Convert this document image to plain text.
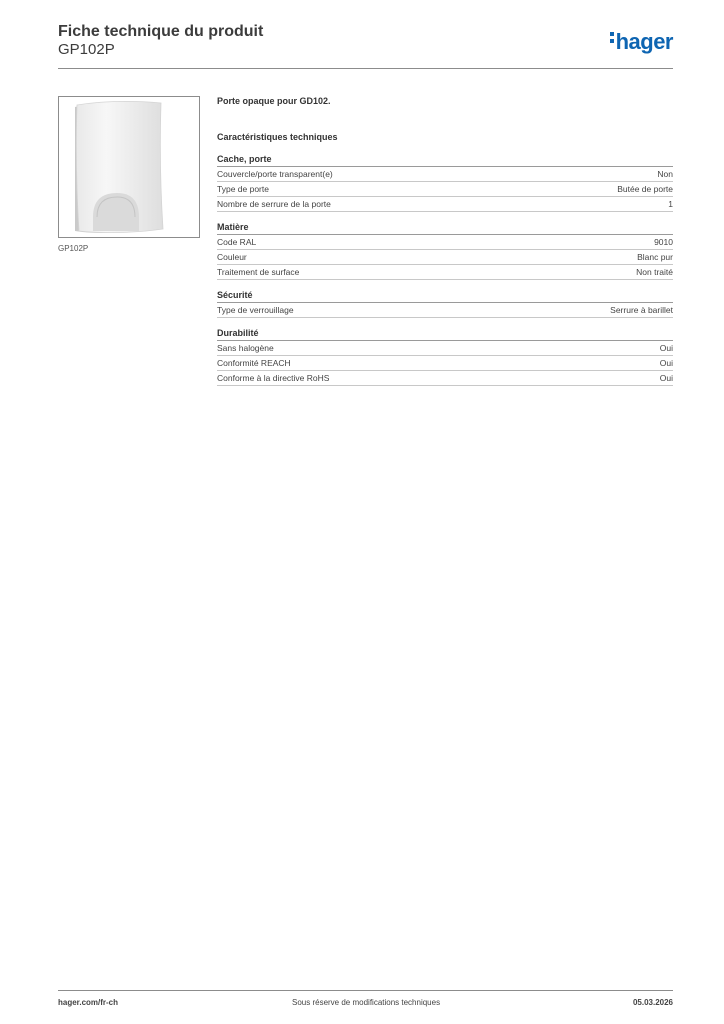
Fiche technique du produit
GP102P	hager
GP102P
Porte opaque pour GD102.
Caractéristiques techniques
Cache, porte
Couvercle/porte transparent(e)	Non
Type de porte	Butée de porte
Nombre de serrure de la porte	1
Matière
Code RAL	9010
Couleur	Blanc pur
Traitement de surface	Non traité
Sécurité
Type de verrouillage	Serrure à barillet
Durabilité
Sans halogène	Oui
Conformité REACH	Oui
Conforme à la directive RoHS	Oui
hager.com/fr-ch	Sous réserve de modifications techniques	05.03.2026
